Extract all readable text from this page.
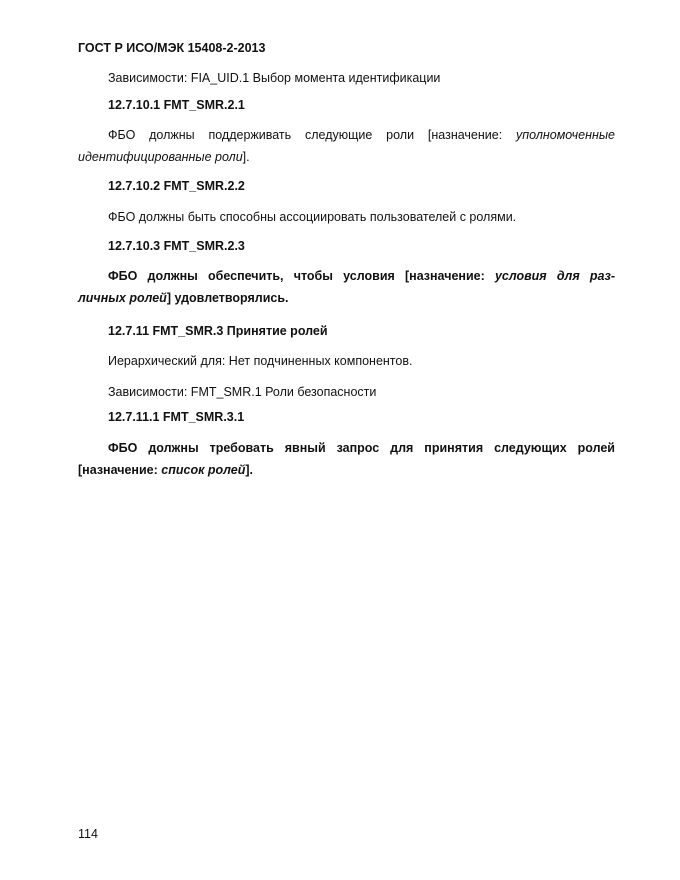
ГОСТ Р ИСО/МЭК 15408-2-2013
Зависимости: FIA_UID.1 Выбор момента идентификации
12.7.10.1 FMT_SMR.2.1
ФБО должны поддерживать следующие роли [назначение: уполномоченные
идентифицированные роли].
12.7.10.2 FMT_SMR.2.2
ФБО должны быть способны ассоциировать пользователей с ролями.
12.7.10.3 FMT_SMR.2.3
ФБО должны обеспечить, чтобы условия [назначение: условия для раз-
личных ролей] удовлетворялись.
12.7.11 FMT_SMR.3 Принятие ролей
Иерархический для: Нет подчиненных компонентов.
Зависимости: FMT_SMR.1 Роли безопасности
12.7.11.1 FMT_SMR.3.1
ФБО должны требовать явный запрос для принятия следующих ролей
[назначение: список ролей].
114
